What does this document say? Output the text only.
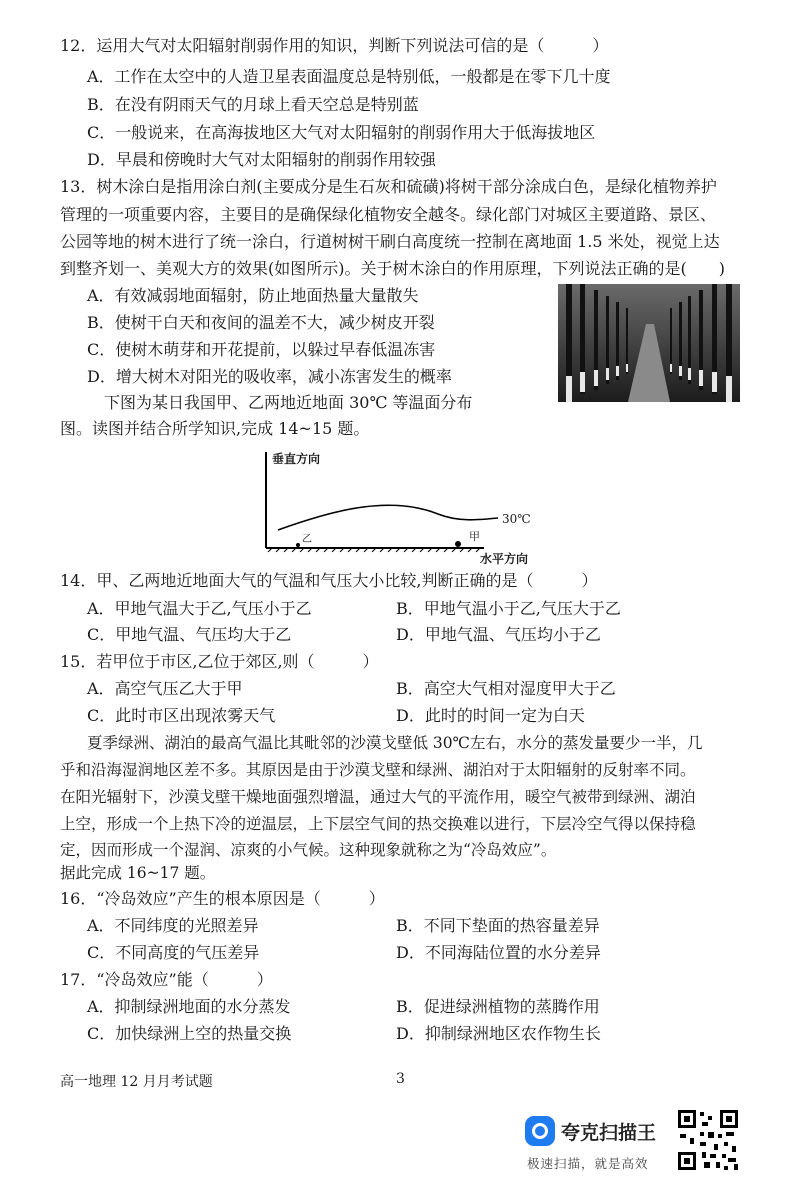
12．运用大气对太阳辐射削弱作用的知识，判断下列说法可信的是（　　　）
A．工作在太空中的人造卫星表面温度总是特别低，一般都是在零下几十度
B．在没有阴雨天气的月球上看天空总是特别蓝
C．一般说来，在高海拔地区大气对太阳辐射的削弱作用大于低海拔地区
D．早晨和傍晚时大气对太阳辐射的削弱作用较强
13．树木涂白是指用涂白剂(主要成分是生石灰和硫磺)将树干部分涂成白色，是绿化植物养护
管理的一项重要内容，主要目的是确保绿化植物安全越冬。绿化部门对城区主要道路、景区、
公园等地的树木进行了统一涂白，行道树树干刷白高度统一控制在离地面 1.5 米处，视觉上达
到整齐划一、美观大方的效果(如图所示)。关于树木涂白的作用原理，下列说法正确的是(　　)
A．有效减弱地面辐射，防止地面热量大量散失
B．使树干白天和夜间的温差不大，减少树皮开裂
C．使树木萌芽和开花提前，以躲过早春低温冻害
D．增大树木对阳光的吸收率，减小冻害发生的概率
下图为某日我国甲、乙两地近地面 30℃ 等温面分布
图。读图并结合所学知识,完成 14~15 题。
垂直方向
水平方向
30℃
甲
乙
14．甲、乙两地近地面大气的气温和气压大小比较,判断正确的是（　　　）
A．甲地气温大于乙,气压小于乙	B．甲地气温小于乙,气压大于乙
C．甲地气温、气压均大于乙	D．甲地气温、气压均小于乙
15．若甲位于市区,乙位于郊区,则（　　　）
A．高空气压乙大于甲	B．高空大气相对湿度甲大于乙
C．此时市区出现浓雾天气	D．此时的时间一定为白天
夏季绿洲、湖泊的最高气温比其毗邻的沙漠戈壁低 30℃左右，水分的蒸发量要少一半，几
乎和沿海湿润地区差不多。其原因是由于沙漠戈壁和绿洲、湖泊对于太阳辐射的反射率不同。
在阳光辐射下，沙漠戈壁干燥地面强烈增温，通过大气的平流作用，暖空气被带到绿洲、湖泊
上空，形成一个上热下冷的逆温层，上下层空气间的热交换难以进行，下层冷空气得以保持稳
定，因而形成一个湿润、凉爽的小气候。这种现象就称之为“冷岛效应”。
据此完成 16~17 题。
16．“冷岛效应”产生的根本原因是（　　　）
A．不同纬度的光照差异	B．不同下垫面的热容量差异
C．不同高度的气压差异	D．不同海陆位置的水分差异
17．“冷岛效应”能（　　　）
A．抑制绿洲地面的水分蒸发	B．促进绿洲植物的蒸腾作用
C．加快绿洲上空的热量交换	D．抑制绿洲地区农作物生长
高一地理 12 月月考试题	3
夸克扫描王
极速扫描，就是高效
